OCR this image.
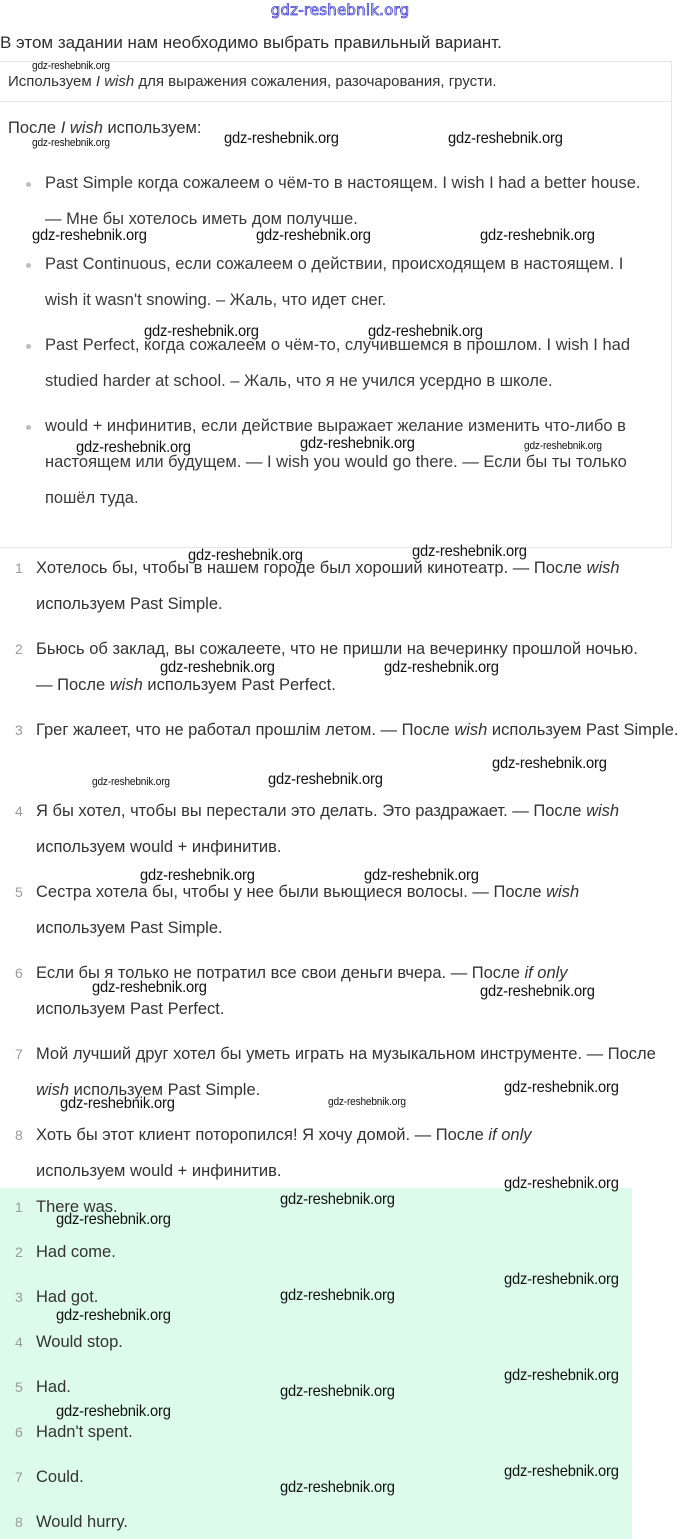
gdz-reshebnik.org
В этом задании нам необходимо выбрать правильный вариант.
Используем I wish для выражения сожаления, разочарования, грусти.
После I wish используем:
Past Simple когда сожалеем о чём-то в настоящем. I wish I had a better house. — Мне бы хотелось иметь дом получше.
Past Continuous, если сожалеем о действии, происходящем в настоящем. I wish it wasn't snowing. – Жаль, что идет снег.
Past Perfect, когда сожалеем о чём-то, случившемся в прошлом. I wish I had studied harder at school. – Жаль, что я не учился усердно в школе.
would + инфинитив, если действие выражает желание изменить что-либо в настоящем или будущем. — I wish you would go there. — Если бы ты только пошёл туда.
1 Хотелось бы, чтобы в нашем городе был хороший кинотеатр. — После wish используем Past Simple.
2 Бьюсь об заклад, вы сожалеете, что не пришли на вечеринку прошлой ночью. — После wish используем Past Perfect.
3 Грег жалеет, что не работал прошлім летом. — После wish используем Past Simple.
4 Я бы хотел, чтобы вы перестали это делать. Это раздражает. — После wish используем would + инфинитив.
5 Сестра хотела бы, чтобы у нее были вьющиеся волосы. — После wish используем Past Simple.
6 Если бы я только не потратил все свои деньги вчера. — После if only используем Past Perfect.
7 Мой лучший друг хотел бы уметь играть на музыкальном инструменте. — После wish используем Past Simple.
8 Хоть бы этот клиент поторопился! Я хочу домой. — После if only используем would + инфинитив.
1 There was.
2 Had come.
3 Had got.
4 Would stop.
5 Had.
6 Hadn't spent.
7 Could.
8 Would hurry.
gdz-reshebnik.org
gdz-reshebnik.org	gdz-reshebnik.org	gdz-reshebnik.org
gdz-reshebnik.org	gdz-reshebnik.org	gdz-reshebnik.org
gdz-reshebnik.org	gdz-reshebnik.org
gdz-reshebnik.org	gdz-reshebnik.org	gdz-reshebnik.org
gdz-reshebnik.org	gdz-reshebnik.org
gdz-reshebnik.org	gdz-reshebnik.org
gdz-reshebnik.org	gdz-reshebnik.org
gdz-reshebnik.org
gdz-reshebnik.org	gdz-reshebnik.org
gdz-reshebnik.org	gdz-reshebnik.org
gdz-reshebnik.org	gdz-reshebnik.org
gdz-reshebnik.org
gdz-reshebnik.org
gdz-reshebnik.org
gdz-reshebnik.org
gdz-reshebnik.org
gdz-reshebnik.org
gdz-reshebnik.org
gdz-reshebnik.org
gdz-reshebnik.org
gdz-reshebnik.org
gdz-reshebnik.org
gdz-reshebnik.org
